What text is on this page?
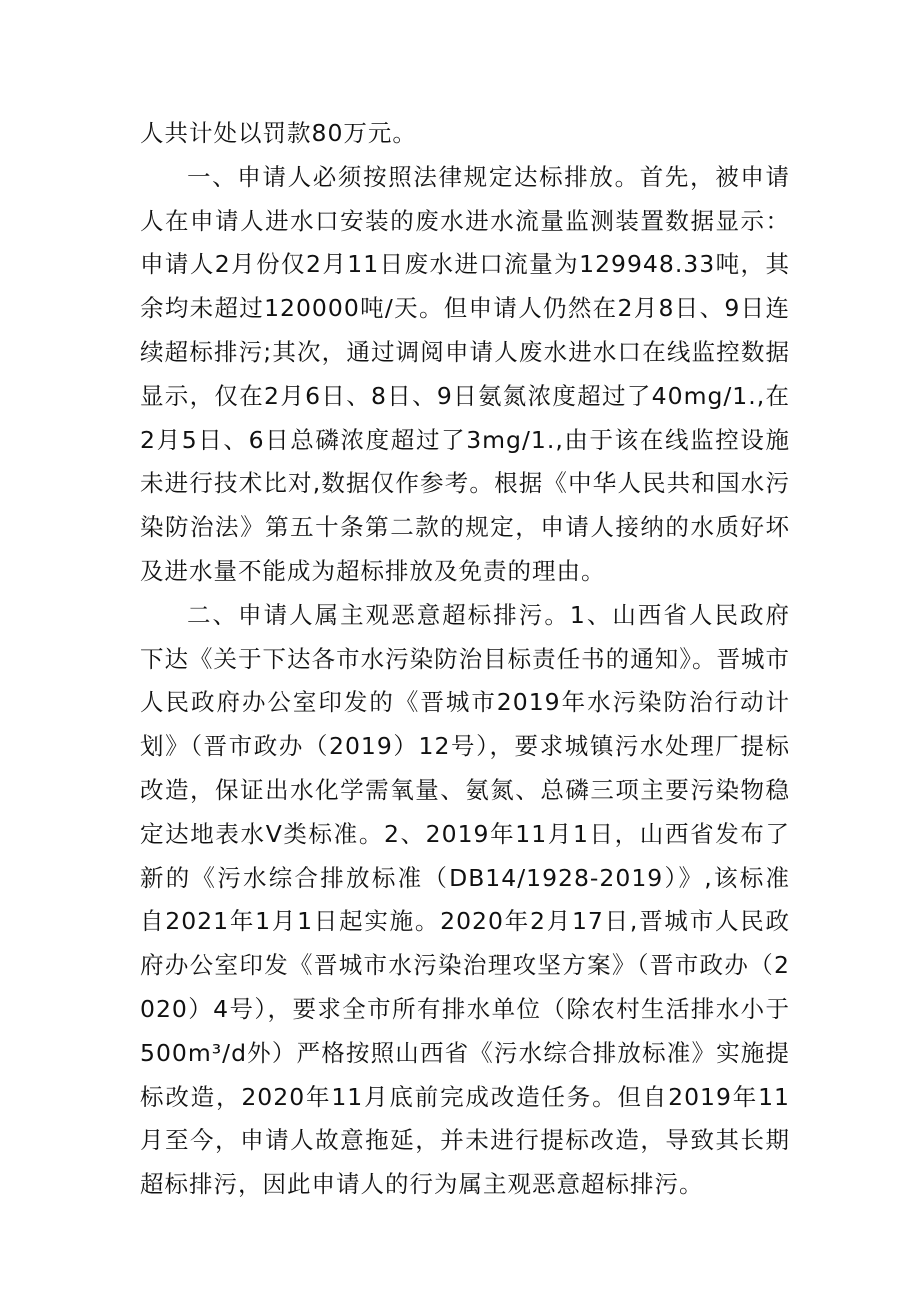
人共计处以罚款80万元。

一、申请人必须按照法律规定达标排放。首先，被申请人在申请人进水口安装的废水进水流量监测装置数据显示：申请人2月份仅2月11日废水进口流量为129948.33吨，其余均未超过120000吨/天。但申请人仍然在2月8日、9日连续超标排污;其次，通过调阅申请人废水进水口在线监控数据显示，仅在2月6日、8日、9日氨氮浓度超过了40mg/1.,在2月5日、6日总磷浓度超过了3mg/1.,由于该在线监控设施未进行技术比对,数据仅作参考。根据《中华人民共和国水污染防治法》第五十条第二款的规定，申请人接纳的水质好坏及进水量不能成为超标排放及免责的理由。

二、申请人属主观恶意超标排污。1、山西省人民政府下达《关于下达各市水污染防治目标责任书的通知》。晋城市人民政府办公室印发的《晋城市2019年水污染防治行动计划》（晋市政办（2019）12号），要求城镇污水处理厂提标改造，保证出水化学需氧量、氨氮、总磷三项主要污染物稳定达地表水V类标准。2、2019年11月1日，山西省发布了新的《污水综合排放标准（DB14/1928-2019）》,该标准自2021年1月1日起实施。2020年2月17日,晋城市人民政府办公室印发《晋城市水污染治理攻坚方案》（晋市政办（2020）4号），要求全市所有排水单位（除农村生活排水小于500m³/d外）严格按照山西省《污水综合排放标准》实施提标改造，2020年11月底前完成改造任务。但自2019年11月至今，申请人故意拖延，并未进行提标改造，导致其长期超标排污，因此申请人的行为属主观恶意超标排污。
